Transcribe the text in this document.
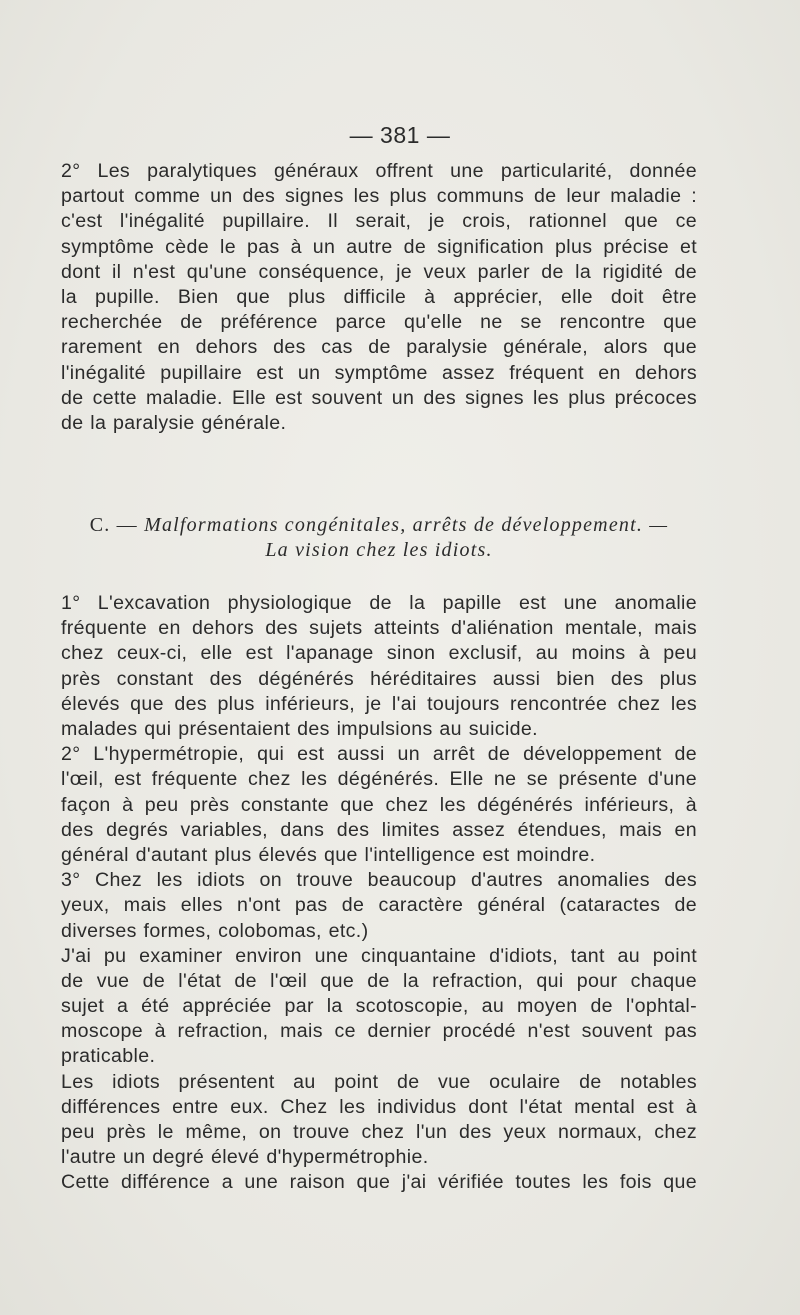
— 381 —
2° Les paralytiques généraux offrent une particularité, donnée
partout comme un des signes les plus communs de leur maladie :
c'est l'inégalité pupillaire. Il serait, je crois, rationnel que ce
symptôme cède le pas à un autre de signification plus précise et
dont il n'est qu'une conséquence, je veux parler de la rigidité de
la pupille. Bien que plus difficile à apprécier, elle doit être
recherchée de préférence parce qu'elle ne se rencontre que
rarement en dehors des cas de paralysie générale, alors que
l'inégalité pupillaire est un symptôme assez fréquent en dehors
de cette maladie. Elle est souvent un des signes les plus précoces
de la paralysie générale.
C. — Malformations congénitales, arrêts de développement. —
La vision chez les idiots.
1° L'excavation physiologique de la papille est une anomalie
fréquente en dehors des sujets atteints d'aliénation mentale, mais
chez ceux-ci, elle est l'apanage sinon exclusif, au moins à peu
près constant des dégénérés héréditaires aussi bien des plus
élevés que des plus inférieurs, je l'ai toujours rencontrée chez les
malades qui présentaient des impulsions au suicide.
2° L'hypermétropie, qui est aussi un arrêt de développement de
l'œil, est fréquente chez les dégénérés. Elle ne se présente d'une
façon à peu près constante que chez les dégénérés inférieurs, à
des degrés variables, dans des limites assez étendues, mais en
général d'autant plus élevés que l'intelligence est moindre.
3° Chez les idiots on trouve beaucoup d'autres anomalies des
yeux, mais elles n'ont pas de caractère général (cataractes de
diverses formes, colobomas, etc.)
J'ai pu examiner environ une cinquantaine d'idiots, tant au point
de vue de l'état de l'œil que de la refraction, qui pour chaque
sujet a été appréciée par la scotoscopie, au moyen de l'ophtal-
moscope à refraction, mais ce dernier procédé n'est souvent pas
praticable.
Les idiots présentent au point de vue oculaire de notables
différences entre eux. Chez les individus dont l'état mental est à
peu près le même, on trouve chez l'un des yeux normaux, chez
l'autre un degré élevé d'hypermétrophie.
Cette différence a une raison que j'ai vérifiée toutes les fois que
